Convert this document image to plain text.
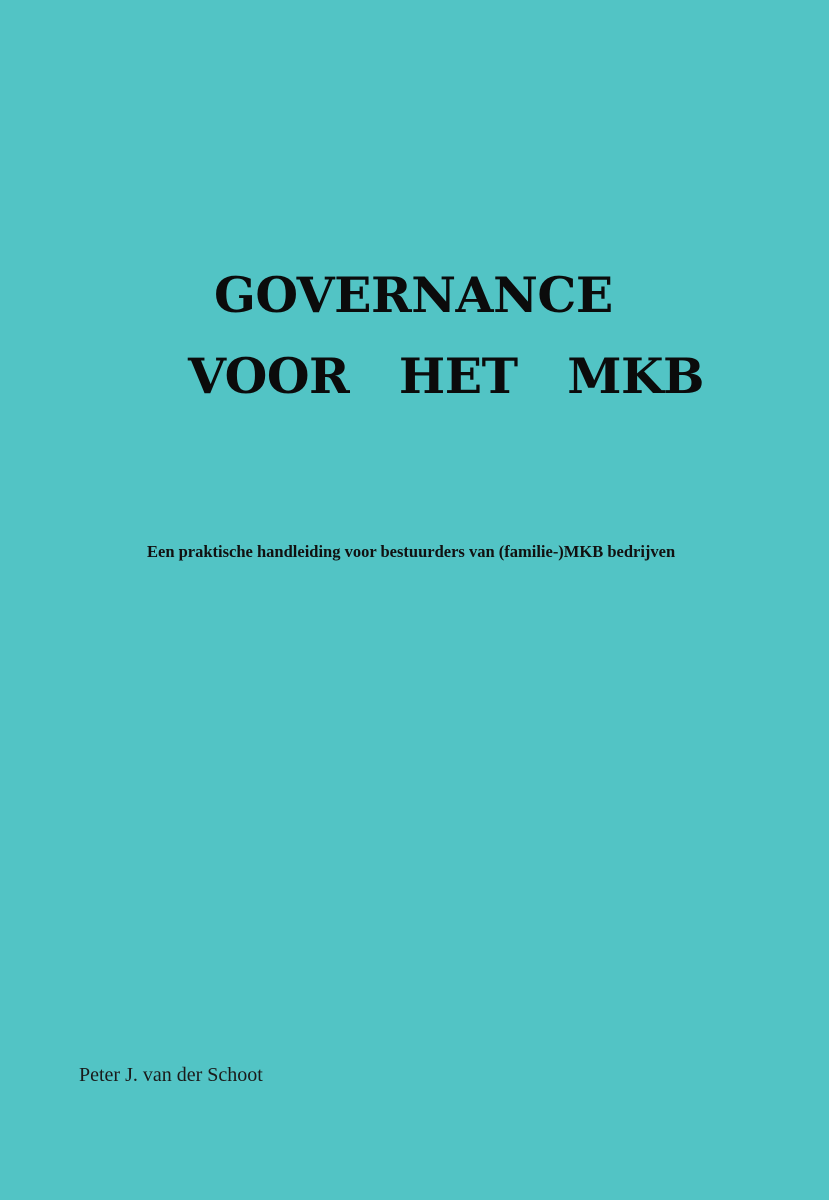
GOVERNANCE
VOOR   HET   MKB

Een praktische handleiding voor bestuurders van (familie-)MKB bedrijven

Peter J. van der Schoot
